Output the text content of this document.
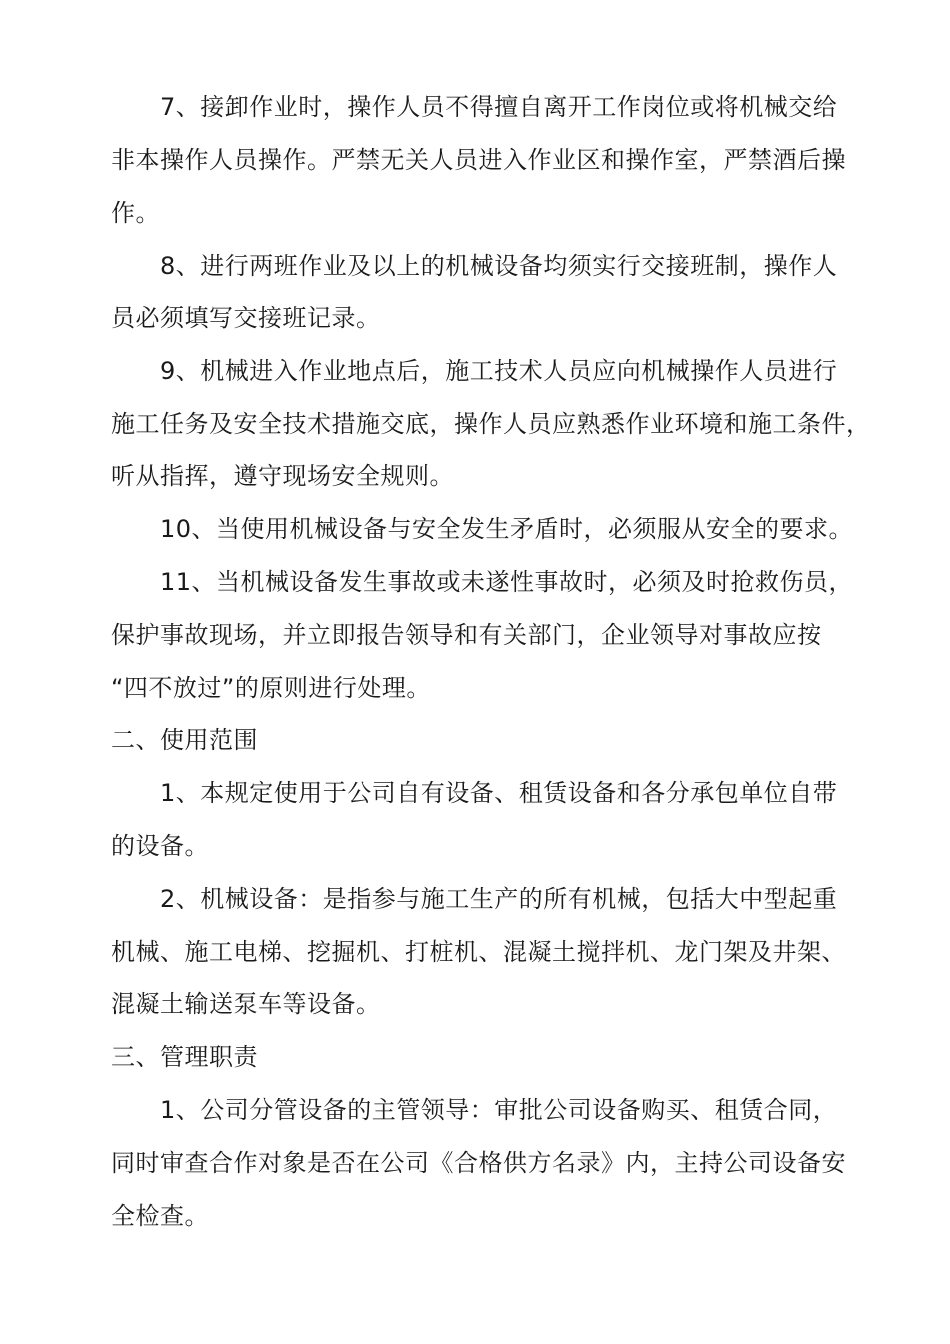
7、接卸作业时，操作人员不得擅自离开工作岗位或将机械交给
非本操作人员操作。严禁无关人员进入作业区和操作室，严禁酒后操
作。
8、进行两班作业及以上的机械设备均须实行交接班制，操作人
员必须填写交接班记录。
9、机械进入作业地点后，施工技术人员应向机械操作人员进行
施工任务及安全技术措施交底，操作人员应熟悉作业环境和施工条件，
听从指挥，遵守现场安全规则。
10、当使用机械设备与安全发生矛盾时，必须服从安全的要求。
11、当机械设备发生事故或未遂性事故时，必须及时抢救伤员，
保护事故现场，并立即报告领导和有关部门，企业领导对事故应按
“四不放过”的原则进行处理。
二、使用范围
1、本规定使用于公司自有设备、租赁设备和各分承包单位自带
的设备。
2、机械设备：是指参与施工生产的所有机械，包括大中型起重
机械、施工电梯、挖掘机、打桩机、混凝土搅拌机、龙门架及井架、
混凝土输送泵车等设备。
三、管理职责
1、公司分管设备的主管领导：审批公司设备购买、租赁合同，
同时审查合作对象是否在公司《合格供方名录》内，主持公司设备安
全检查。
